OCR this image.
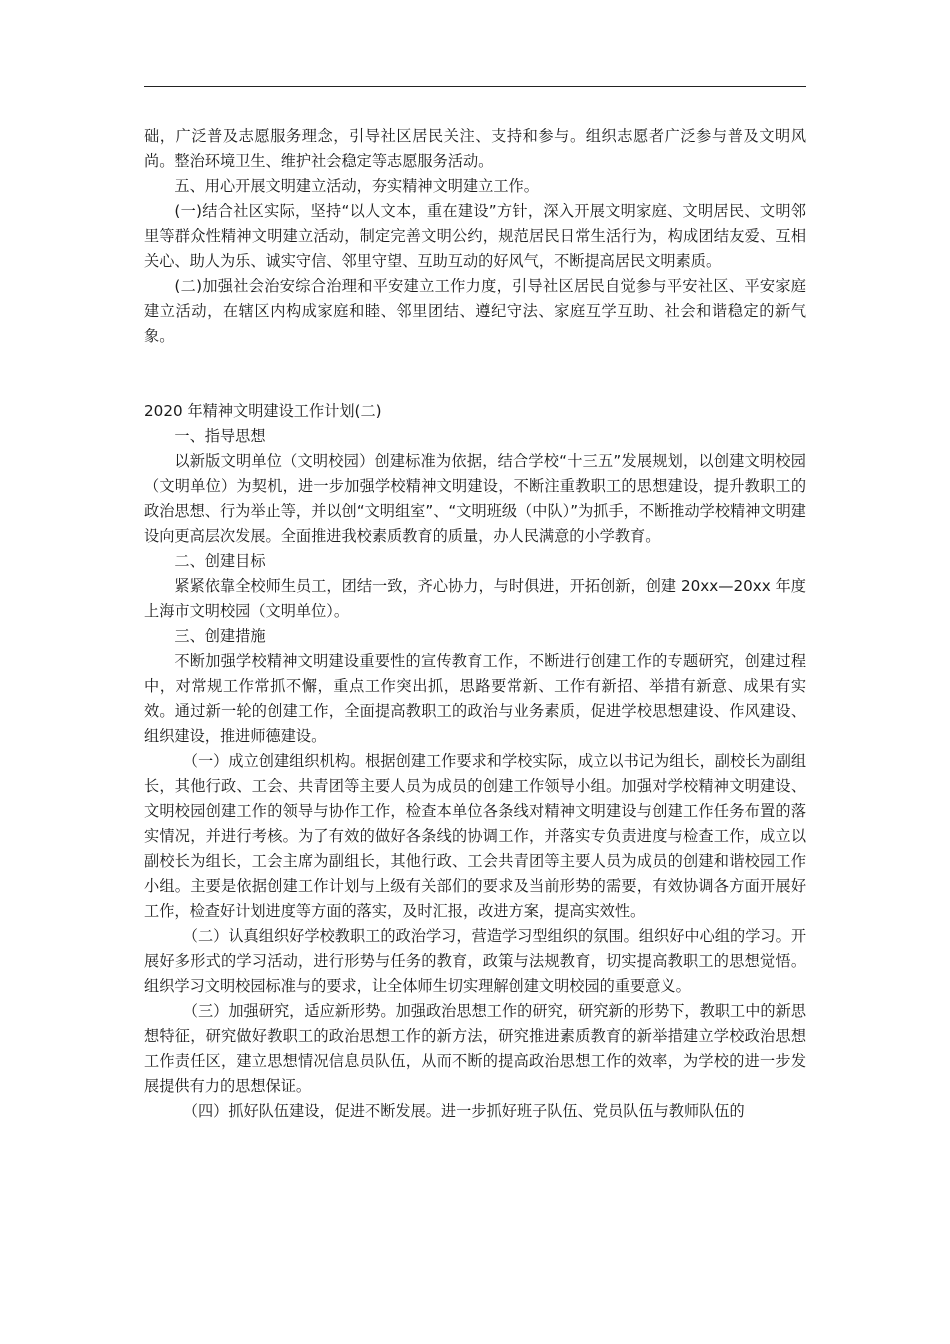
础，广泛普及志愿服务理念，引导社区居民关注、支持和参与。组织志愿者广泛参与普及文明风尚。整治环境卫生、维护社会稳定等志愿服务活动。

五、用心开展文明建立活动，夯实精神文明建立工作。

(一)结合社区实际，坚持“以人文本，重在建设”方针，深入开展文明家庭、文明居民、文明邻里等群众性精神文明建立活动，制定完善文明公约，规范居民日常生活行为，构成团结友爱、互相关心、助人为乐、诚实守信、邻里守望、互助互动的好风气，不断提高居民文明素质。

(二)加强社会治安综合治理和平安建立工作力度，引导社区居民自觉参与平安社区、平安家庭建立活动，在辖区内构成家庭和睦、邻里团结、遵纪守法、家庭互学互助、社会和谐稳定的新气象。

2020 年精神文明建设工作计划(二)

一、指导思想

以新版文明单位（文明校园）创建标准为依据，结合学校“十三五”发展规划，以创建文明校园（文明单位）为契机，进一步加强学校精神文明建设，不断注重教职工的思想建设，提升教职工的政治思想、行为举止等，并以创“文明组室”、“文明班级（中队）”为抓手，不断推动学校精神文明建设向更高层次发展。全面推进我校素质教育的质量，办人民满意的小学教育。

二、创建目标

紧紧依靠全校师生员工，团结一致，齐心协力，与时俱进，开拓创新，创建 20xx—20xx 年度上海市文明校园（文明单位）。

三、创建措施

不断加强学校精神文明建设重要性的宣传教育工作，不断进行创建工作的专题研究，创建过程中，对常规工作常抓不懈，重点工作突出抓，思路要常新、工作有新招、举措有新意、成果有实效。通过新一轮的创建工作，全面提高教职工的政治与业务素质，促进学校思想建设、作风建设、组织建设，推进师德建设。

（一）成立创建组织机构。根据创建工作要求和学校实际，成立以书记为组长，副校长为副组长，其他行政、工会、共青团等主要人员为成员的创建工作领导小组。加强对学校精神文明建设、文明校园创建工作的领导与协作工作，检查本单位各条线对精神文明建设与创建工作任务布置的落实情况，并进行考核。为了有效的做好各条线的协调工作，并落实专负责进度与检查工作，成立以副校长为组长，工会主席为副组长，其他行政、工会共青团等主要人员为成员的创建和谐校园工作小组。主要是依据创建工作计划与上级有关部们的要求及当前形势的需要，有效协调各方面开展好工作，检查好计划进度等方面的落实，及时汇报，改进方案，提高实效性。

（二）认真组织好学校教职工的政治学习，营造学习型组织的氛围。组织好中心组的学习。开展好多形式的学习活动，进行形势与任务的教育，政策与法规教育，切实提高教职工的思想觉悟。组织学习文明校园标准与的要求，让全体师生切实理解创建文明校园的重要意义。

（三）加强研究，适应新形势。加强政治思想工作的研究，研究新的形势下，教职工中的新思想特征，研究做好教职工的政治思想工作的新方法，研究推进素质教育的新举措建立学校政治思想工作责任区，建立思想情况信息员队伍，从而不断的提高政治思想工作的效率，为学校的进一步发展提供有力的思想保证。

（四）抓好队伍建设，促进不断发展。进一步抓好班子队伍、党员队伍与教师队伍的
